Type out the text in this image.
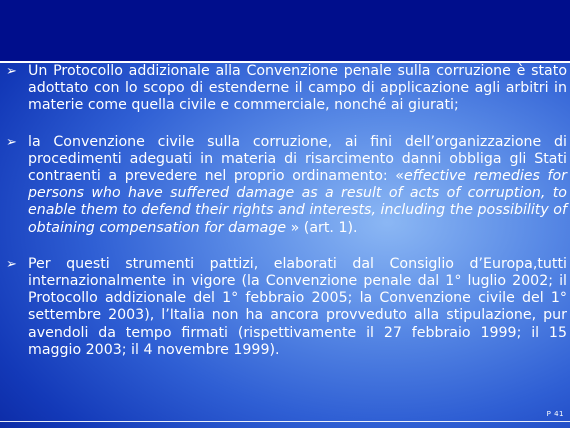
➢ Un Protocollo addizionale alla Convenzione penale sulla corruzione è stato adottato con lo scopo di estenderne il campo di applicazione agli arbitri in materie come quella civile e commerciale, nonché ai giurati;
➢ la Convenzione civile sulla corruzione, ai fini dell’organizzazione di procedimenti adeguati in materia di risarcimento danni obbliga gli Stati contraenti a prevedere nel proprio ordinamento: «effective remedies for persons who have suffered damage as a result of acts of corruption, to enable them to defend their rights and interests, including the possibility of obtaining compensation for damage » (art. 1).
➢ Per questi strumenti pattizi, elaborati dal Consiglio d’Europa,tutti internazionalmente in vigore (la Convenzione penale dal 1° luglio 2002; il Protocollo addizionale del 1° febbraio 2005; la Convenzione civile del 1° settembre 2003), l’Italia non ha ancora provveduto alla stipulazione, pur avendoli da tempo firmati (rispettivamente il 27 febbraio 1999; il 15 maggio 2003; il 4 novembre 1999).
P 41
